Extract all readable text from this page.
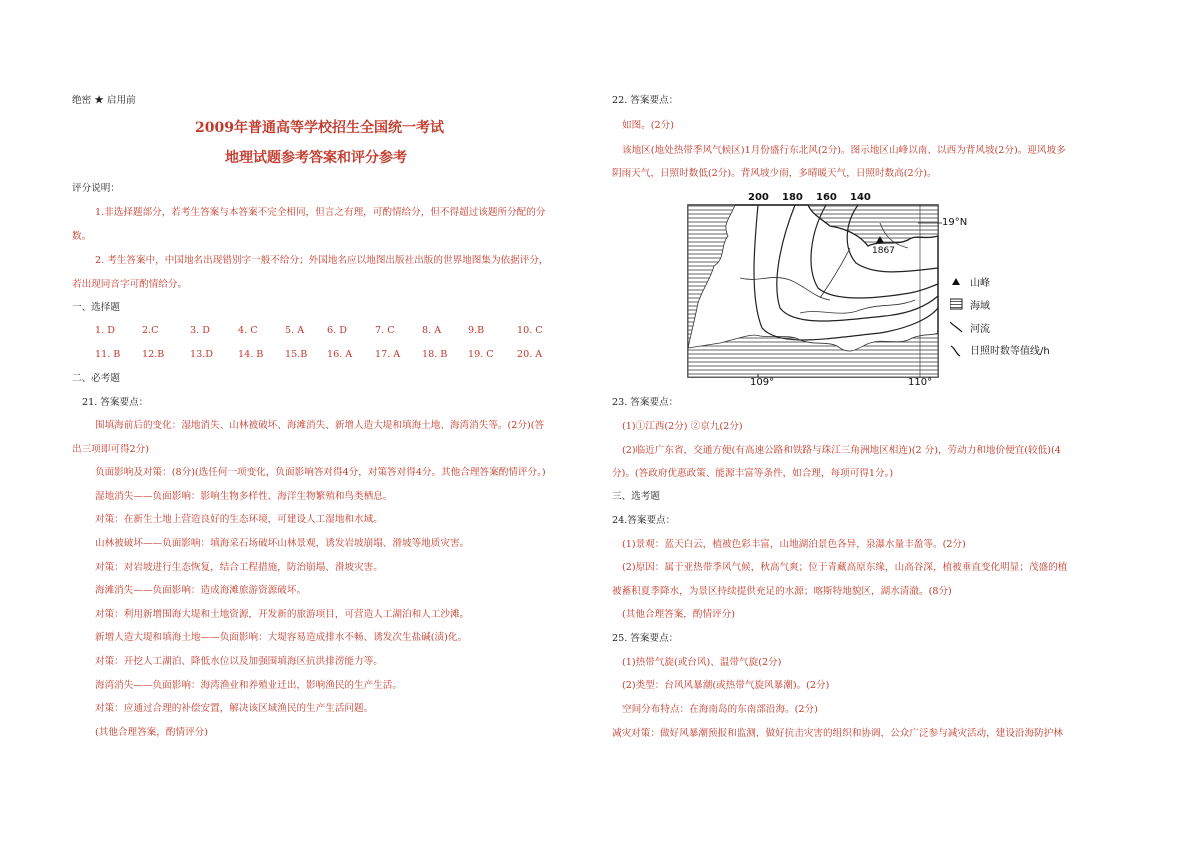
绝密 ★ 启用前
2009年普通高等学校招生全国统一考试
地理试题参考答案和评分参考
评分说明：
1.非选择题部分，若考生答案与本答案不完全相同，但言之有理，可酌情给分，但不得超过该题所分配的分
数。
2. 考生答案中，中国地名出现错别字一般不给分；外国地名应以地图出版社出版的世界地图集为依据评分，
若出现同音字可酌情给分。
一、选择题
1. D	2.C	3. D	4. C	5. A 6. D	7. C	8. A	9.B	10. C
11. B 12.B	13.D	14. B 15.B 16. A 17. A 18. B 19. C 20. A
二、必考题
21. 答案要点：
围填海前后的变化：湿地消失、山林被破坏、海滩消失、新增人造大堤和填海土地、海湾消失等。(2分)(答
出三项即可得2分)
负面影响及对策：(8分)(选任何一项变化，负面影响答对得4分，对策答对得4分。其他合理答案酌情评分。)
湿地消失——负面影响：影响生物多样性、海洋生物繁殖和鸟类栖息。
对策：在新生土地上营造良好的生态环境，可建设人工湿地和水域。
山林被破坏——负面影响：填海采石场破坏山林景观，诱发岩坡崩塌、滑坡等地质灾害。
对策：对岩坡进行生态恢复，结合工程措施，防治崩塌、滑坡灾害。
海滩消失——负面影响：造成海滩旅游资源破坏。
对策：利用新增围海大堤和土地资源，开发新的旅游项目，可营造人工湖泊和人工沙滩。
新增人造大堤和填海土地——负面影响：大堤容易造成排水不畅、诱发次生盐碱(渍)化。
对策：开挖人工湖泊、降低水位以及加强围填海区抗洪排涝能力等。
海湾消失——负面影响：海湾渔业和养殖业迁出，影响渔民的生产生活。
对策：应通过合理的补偿安置，解决该区域渔民的生产生活问题。
(其他合理答案，酌情评分)
22. 答案要点：
如图。(2分)
该地区(地处热带季风气候区)1月份盛行东北风(2分)。图示地区山峰以南、以西为背风坡(2分)。迎风坡多
阴雨天气，日照时数低(2分)。背风坡少雨，多晴暖天气，日照时数高(2分)。
1867
200 180 160 140
19°N
109°	110°
山峰
海域
河流
日照时数等值线/h
23. 答案要点：
(1)①江西(2分) ②京九(2分)
(2)临近广东省，交通方便(有高速公路和铁路与珠江三角洲地区相连)(2 分)，劳动力和地价便宜(较低)(4
分)。(答政府优惠政策、能源丰富等条件，如合理，每项可得1分。)
三、选考题
24.答案要点：
(1)景观：蓝天白云，植被色彩丰富，山地湖泊景色各异，泉瀑水量丰盈等。(2分)
(2)原因：属于亚热带季风气候，秋高气爽；位于青藏高原东缘，山高谷深，植被垂直变化明显；茂盛的植
被蓄积夏季降水，为景区持续提供充足的水源；喀斯特地貌区，湖水清澈。(8分)
(其他合理答案，酌情评分)
25. 答案要点：
(1)热带气旋(或台风)、温带气旋(2分)
(2)类型：台风风暴潮(或热带气旋风暴潮)。(2分)
空间分布特点：在海南岛的东南部沿海。(2分)
减灾对策：做好风暴潮预报和监测，做好抗击灾害的组织和协调，公众广泛参与减灾活动，建设沿海防护林
